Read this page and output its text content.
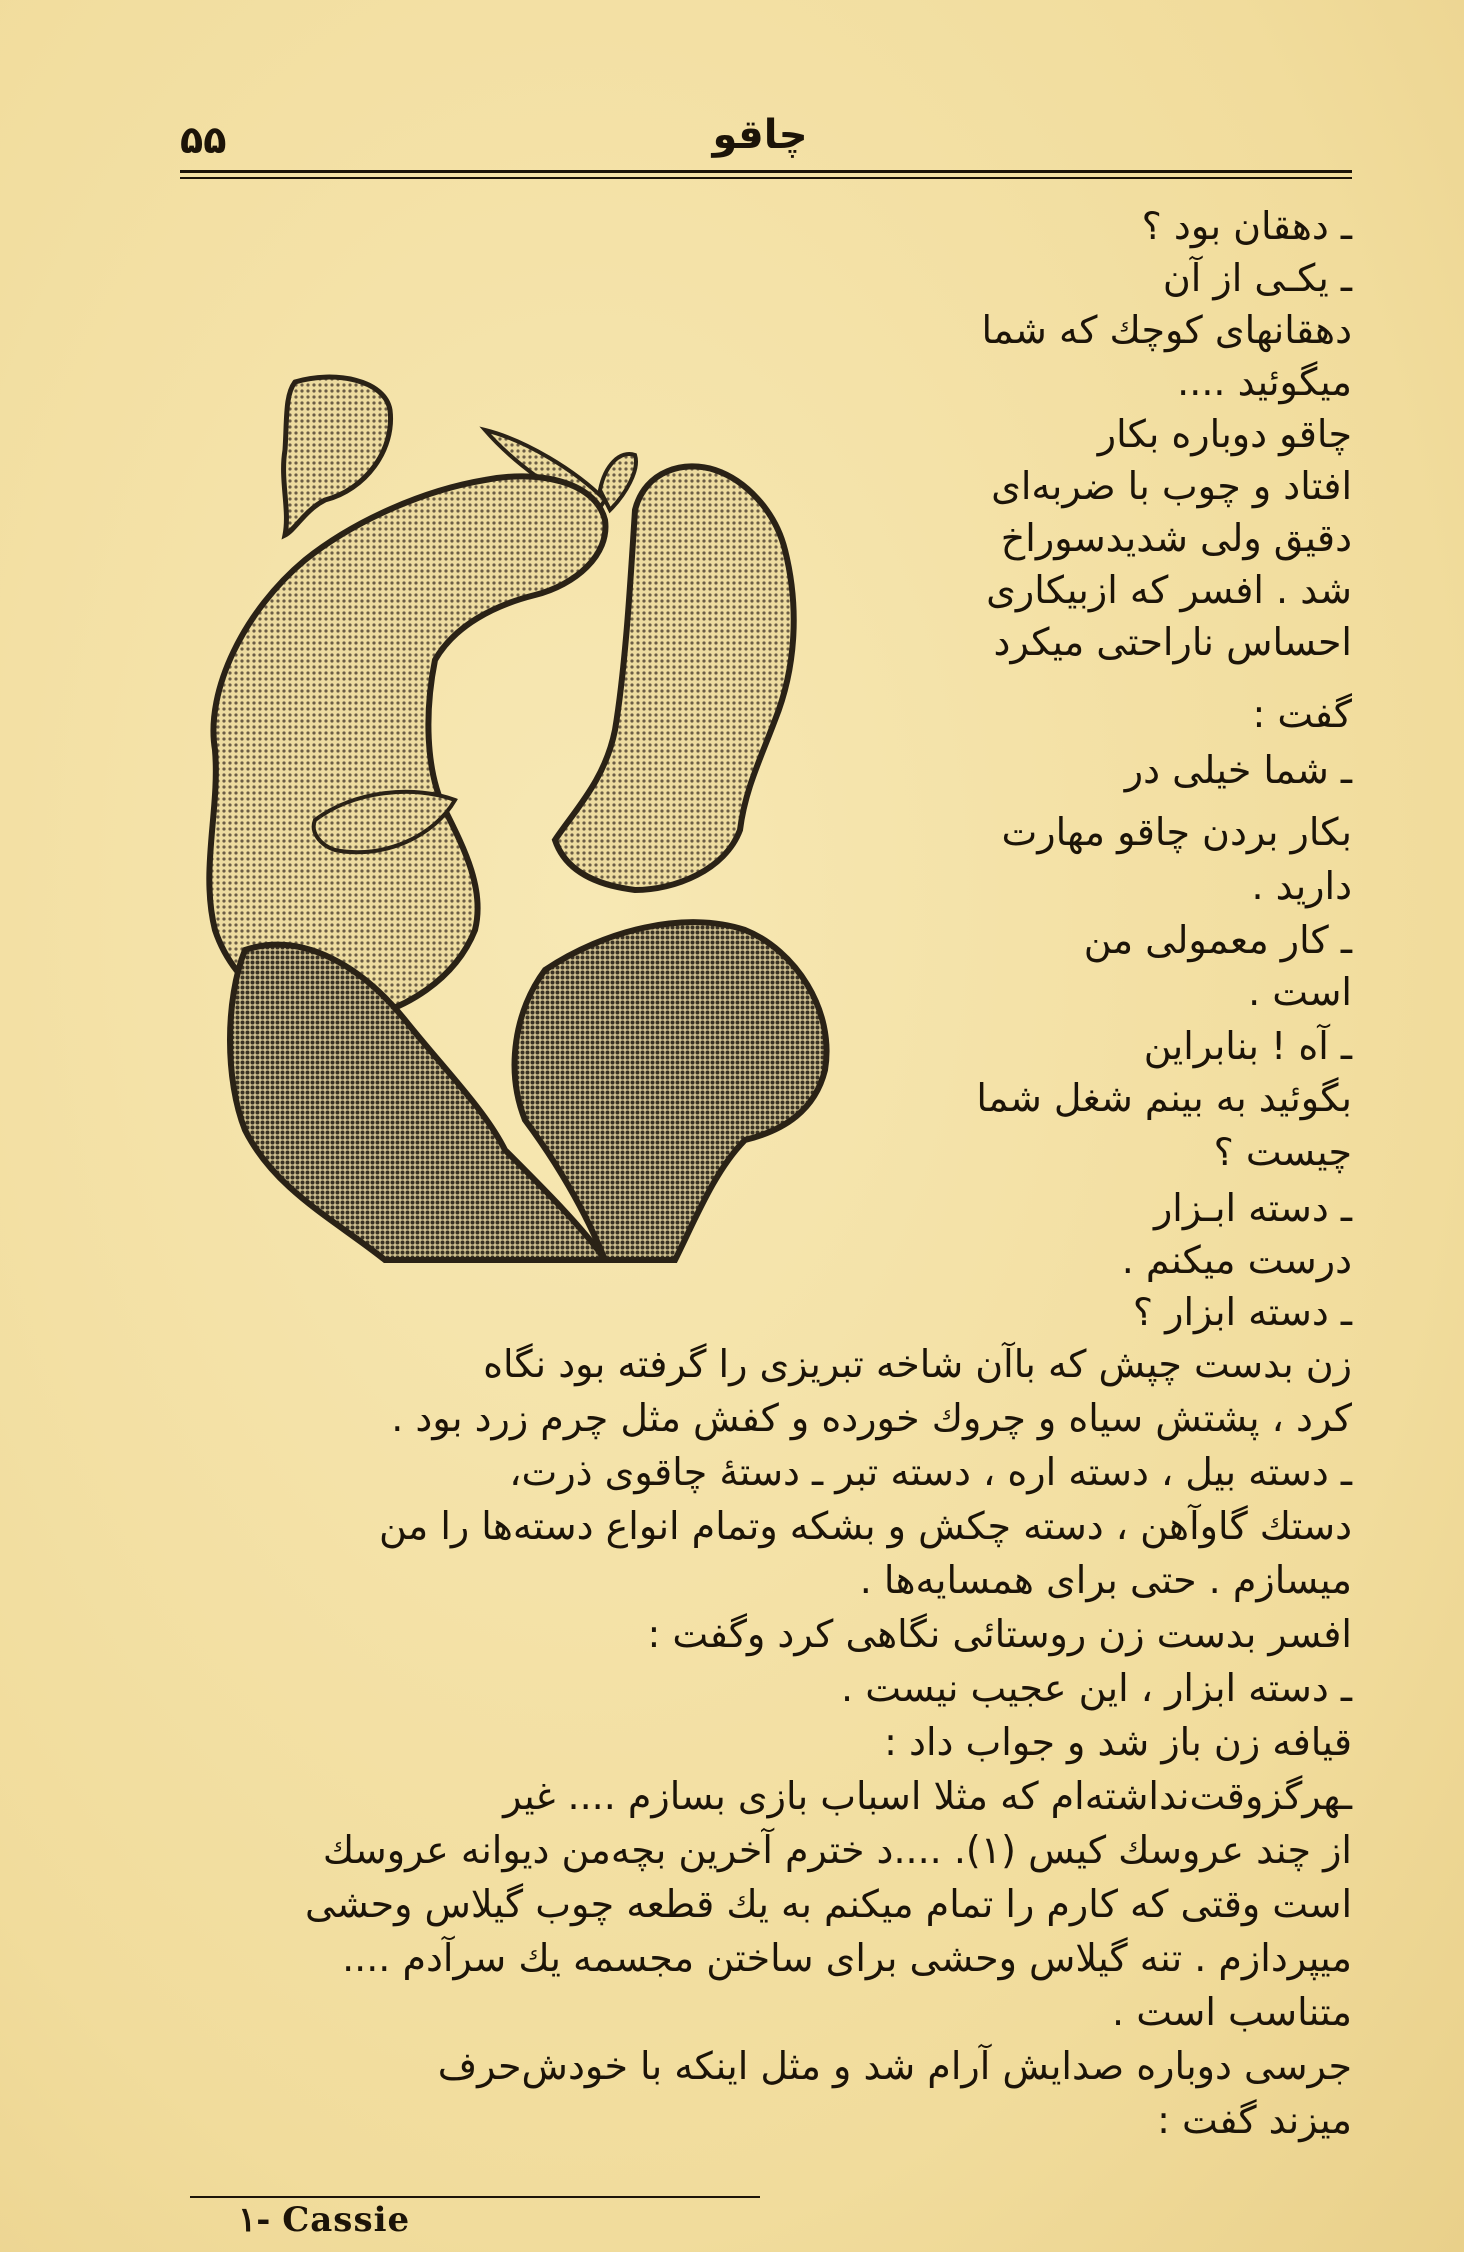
۵۵	چاقو
ـ دهقان بود ؟
ـ یکـی از آن
دهقانهای کوچك که شما
میگوئید ....
چاقو دوباره بکار
افتاد و چوب با ضربه‌ای
دقیق ولی شدیدسوراخ
شد . افسر که ازبیکاری
احساس ناراحتی میکرد
گفت :
ـ شما خیلی در
بکار بردن چاقو مهارت
دارید .
ـ کار معمولی من
است .
ـ آه ! بنابراین
بگوئید به بینم شغل شما
چیست ؟
ـ دسته ابـزار
درست میکنم .
ـ دسته ابزار ؟
زن بدست چپش که باآن شاخه تبریزی را گرفته بود نگاه
کرد ، پشتش سیاه و چروك خورده و کفش مثل چرم زرد بود .
ـ دسته بیل ، دسته اره ، دسته تبر ـ دستهٔ چاقوی ذرت،
دستك گاوآهن ، دسته چکش و بشکه وتمام انواع دسته‌ها را من
میسازم . حتی برای همسایه‌ها .
افسر بدست زن روستائی نگاهی کرد وگفت :
ـ دسته ابزار ، این عجیب نیست .
قیافه زن باز شد و جواب داد :
ـهرگزوقت‌نداشته‌ام که مثلا اسباب بازی بسازم .... غیر
از چند عروسك کیس (۱). ....د خترم آخرین بچه‌من دیوانه عروسك
است وقتی که کارم را تمام میکنم به یك قطعه چوب گیلاس وحشی
میپردازم . تنه گیلاس وحشی برای ساختن مجسمه یك سرآدم ....
متناسب است .
جرسی دوباره صدایش آرام شد و مثل اینکه با خودش‌حرف
میزند گفت :
۱- Cassie
